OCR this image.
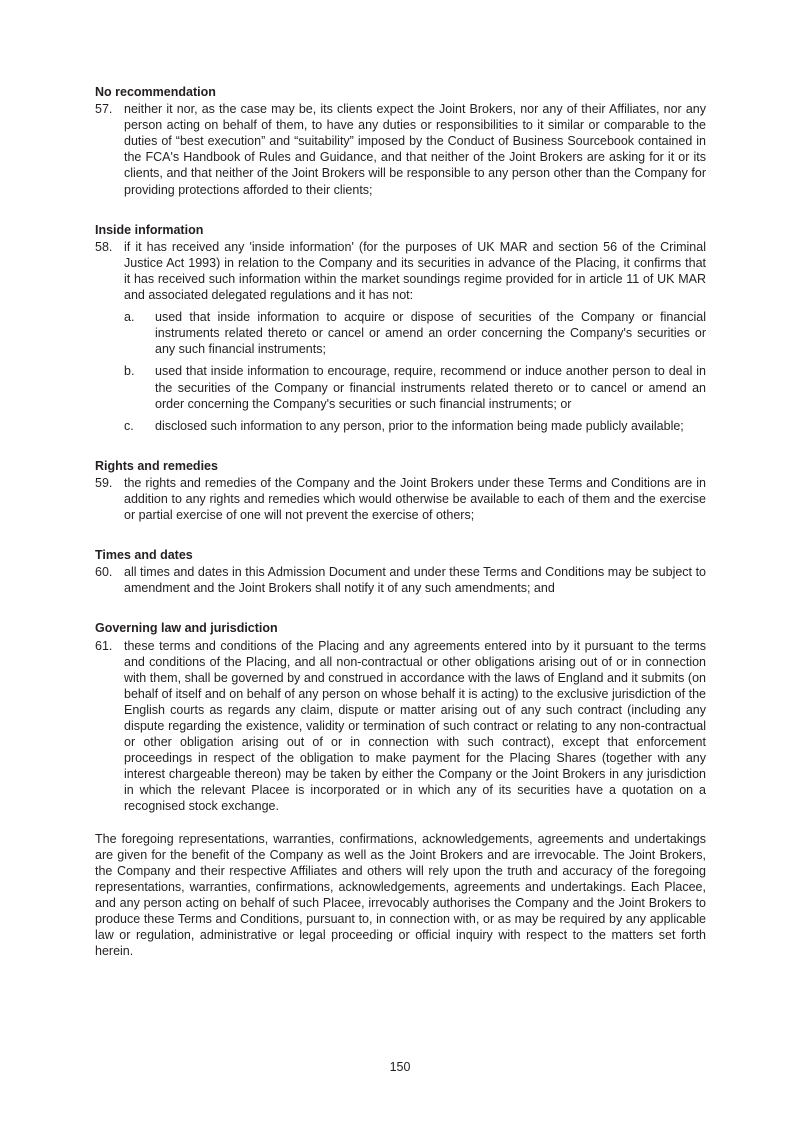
No recommendation
57. neither it nor, as the case may be, its clients expect the Joint Brokers, nor any of their Affiliates, nor any person acting on behalf of them, to have any duties or responsibilities to it similar or comparable to the duties of “best execution” and “suitability” imposed by the Conduct of Business Sourcebook contained in the FCA's Handbook of Rules and Guidance, and that neither of the Joint Brokers are asking for it or its clients, and that neither of the Joint Brokers will be responsible to any person other than the Company for providing protections afforded to their clients;
Inside information
58. if it has received any 'inside information' (for the purposes of UK MAR and section 56 of the Criminal Justice Act 1993) in relation to the Company and its securities in advance of the Placing, it confirms that it has received such information within the market soundings regime provided for in article 11 of UK MAR and associated delegated regulations and it has not:
a. used that inside information to acquire or dispose of securities of the Company or financial instruments related thereto or cancel or amend an order concerning the Company's securities or any such financial instruments;
b. used that inside information to encourage, require, recommend or induce another person to deal in the securities of the Company or financial instruments related thereto or to cancel or amend an order concerning the Company's securities or such financial instruments; or
c. disclosed such information to any person, prior to the information being made publicly available;
Rights and remedies
59. the rights and remedies of the Company and the Joint Brokers under these Terms and Conditions are in addition to any rights and remedies which would otherwise be available to each of them and the exercise or partial exercise of one will not prevent the exercise of others;
Times and dates
60. all times and dates in this Admission Document and under these Terms and Conditions may be subject to amendment and the Joint Brokers shall notify it of any such amendments; and
Governing law and jurisdiction
61. these terms and conditions of the Placing and any agreements entered into by it pursuant to the terms and conditions of the Placing, and all non-contractual or other obligations arising out of or in connection with them, shall be governed by and construed in accordance with the laws of England and it submits (on behalf of itself and on behalf of any person on whose behalf it is acting) to the exclusive jurisdiction of the English courts as regards any claim, dispute or matter arising out of any such contract (including any dispute regarding the existence, validity or termination of such contract or relating to any non-contractual or other obligation arising out of or in connection with such contract), except that enforcement proceedings in respect of the obligation to make payment for the Placing Shares (together with any interest chargeable thereon) may be taken by either the Company or the Joint Brokers in any jurisdiction in which the relevant Placee is incorporated or in which any of its securities have a quotation on a recognised stock exchange.
The foregoing representations, warranties, confirmations, acknowledgements, agreements and undertakings are given for the benefit of the Company as well as the Joint Brokers and are irrevocable. The Joint Brokers, the Company and their respective Affiliates and others will rely upon the truth and accuracy of the foregoing representations, warranties, confirmations, acknowledgements, agreements and undertakings. Each Placee, and any person acting on behalf of such Placee, irrevocably authorises the Company and the Joint Brokers to produce these Terms and Conditions, pursuant to, in connection with, or as may be required by any applicable law or regulation, administrative or legal proceeding or official inquiry with respect to the matters set forth herein.
150
